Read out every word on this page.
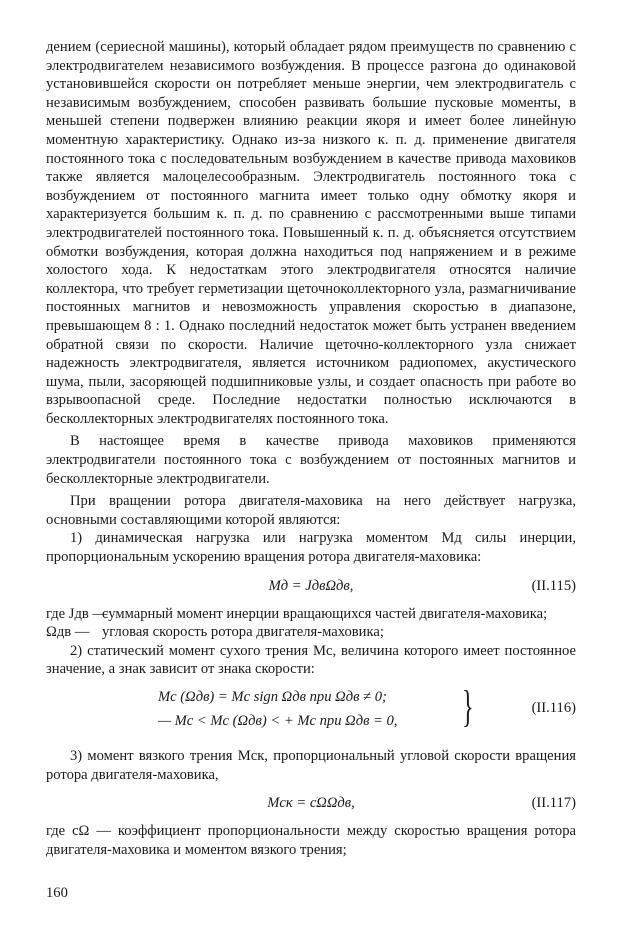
дением (сериесной машины), который обладает рядом преимуществ по сравнению с электродвигателем независимого возбуждения. В процессе разгона до одинаковой установившейся скорости он потребляет меньше энергии, чем электродвигатель с независимым возбуждением, способен развивать большие пусковые моменты, в меньшей степени подвержен влиянию реакции якоря и имеет более линейную моментную характеристику. Однако из-за низкого к. п. д. применение двигателя постоянного тока с последовательным возбуждением в качестве привода маховиков также является малоцелесообразным. Электродвигатель постоянного тока с возбуждением от постоянного магнита имеет только одну обмотку якоря и характеризуется большим к. п. д. по сравнению с рассмотренными выше типами электродвигателей постоянного тока. Повышенный к. п. д. объясняется отсутствием обмотки возбуждения, которая должна находиться под напряжением и в режиме холостого хода. К недостаткам этого электродвигателя относятся наличие коллектора, что требует герметизации щеточноколлекторного узла, размагничивание постоянных магнитов и невозможность управления скоростью в диапазоне, превышающем 8 : 1. Однако последний недостаток может быть устранен введением обратной связи по скорости. Наличие щеточно-коллекторного узла снижает надежность электродвигателя, является источником радиопомех, акустического шума, пыли, засоряющей подшипниковые узлы, и создает опасность при работе во взрывоопасной среде. Последние недостатки полностью исключаются в бесколлекторных электродвигателях постоянного тока.

В настоящее время в качестве привода маховиков применяются электродвигатели постоянного тока с возбуждением от постоянных магнитов и бесколлекторные электродвигатели.

При вращении ротора двигателя-маховика на него действует нагрузка, основными составляющими которой являются:

1) динамическая нагрузка или нагрузка моментом Mд силы инерции, пропорциональным ускорению вращения ротора двигателя-маховика:

Mд = JдвΩдв,	(II.115)

где Jдв —
суммарный момент инерции вращающихся частей двигателя-маховика;

Ωдв — угловая скорость ротора двигателя-маховика;

2) статический момент сухого трения Mс, величина которого имеет постоянное значение, а знак зависит от знака скорости:

Mс (Ωдв) = Mс sign Ωдв при Ωдв ≠ 0;
— Mс < Mс (Ωдв) < + Mс при Ωдв = 0, }	(II.116)

3) момент вязкого трения Mск, пропорциональный угловой скорости вращения ротора двигателя-маховика,

Mск = cΩΩдв,	(II.117)

где cΩ — коэффициент пропорциональности между скоростью вращения ротора двигателя-маховика и моментом вязкого трения;

160
